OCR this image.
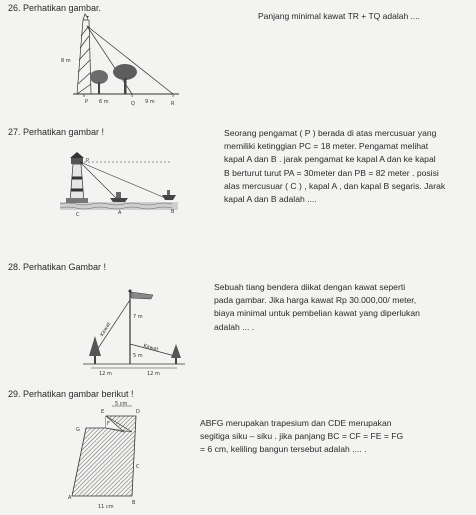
26. Perhatikan gambar.
Panjang minimal kawat TR + TQ adalah ....
T
8 m
P 6 m	Q 9 m	R
27. Perhatikan gambar !	Seorang pengamat ( P ) berada di atas mercusuar yang
memiliki ketinggian PC = 18 meter. Pengamat melihat
kapal A dan B . jarak pengamat ke kapal A dan ke kapal
B berturut turut PA = 30meter dan PB = 82 meter . posisi
alas mercusuar ( C ) , kapal A , dan kapal B segaris. Jarak
kapal A dan B adalah ....
P
C	A	B
28. Perhatikan Gambar !
Sebuah tiang bendera diikat dengan kawat seperti
pada gambar. Jika harga kawat Rp 30.000,00/ meter,
biaya minimal untuk pembelian kawat yang diperlukan
adalah ... .
7 m
5 m
12 m	12 m
Kawat
Kawat
29. Perhatikan gambar berikut !
ABFG merupakan trapesium dan CDE merupakan
segitiga siku – siku . jika panjang BC = CF = FE = FG
= 6 cm, keliling bangun tersebut adalah .... .
5 cm
E	D
G
F
C
A
B
11 cm
